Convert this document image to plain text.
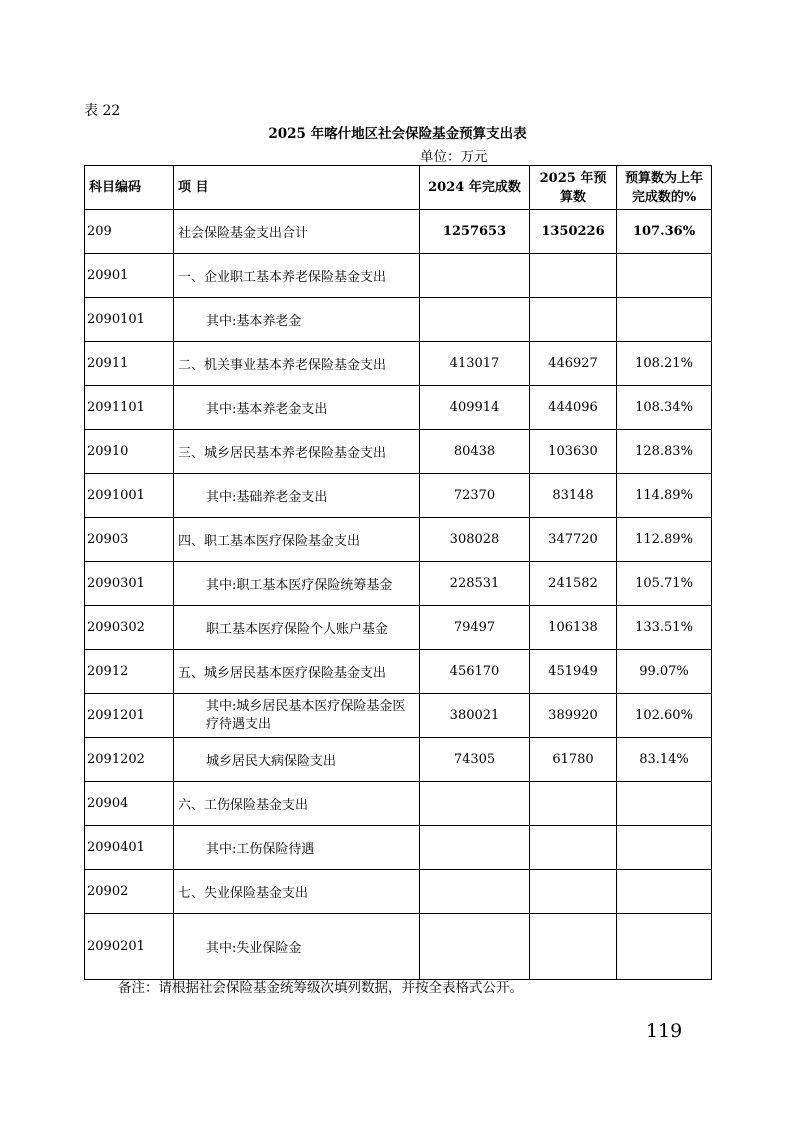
表 22
2025 年喀什地区社会保险基金预算支出表
单位：万元
科目编码	项 目	2024 年完成数	2025 年预算数	预算数为上年完成数的%
209	社会保险基金支出合计	1257653	1350226	107.36%
20901	一、企业职工基本养老保险基金支出			
2090101	其中:基本养老金			
20911	二、机关事业基本养老保险基金支出	413017	446927	108.21%
2091101	其中:基本养老金支出	409914	444096	108.34%
20910	三、城乡居民基本养老保险基金支出	80438	103630	128.83%
2091001	其中:基础养老金支出	72370	83148	114.89%
20903	四、职工基本医疗保险基金支出	308028	347720	112.89%
2090301	其中:职工基本医疗保险统筹基金	228531	241582	105.71%
2090302	职工基本医疗保险个人账户基金	79497	106138	133.51%
20912	五、城乡居民基本医疗保险基金支出	456170	451949	99.07%
2091201	其中:城乡居民基本医疗保险基金医疗待遇支出	380021	389920	102.60%
2091202	城乡居民大病保险支出	74305	61780	83.14%
20904	六、工伤保险基金支出			
2090401	其中:工伤保险待遇			
20902	七、失业保险基金支出			
2090201	其中:失业保险金			
备注：请根据社会保险基金统筹级次填列数据，并按全表格式公开。
119
